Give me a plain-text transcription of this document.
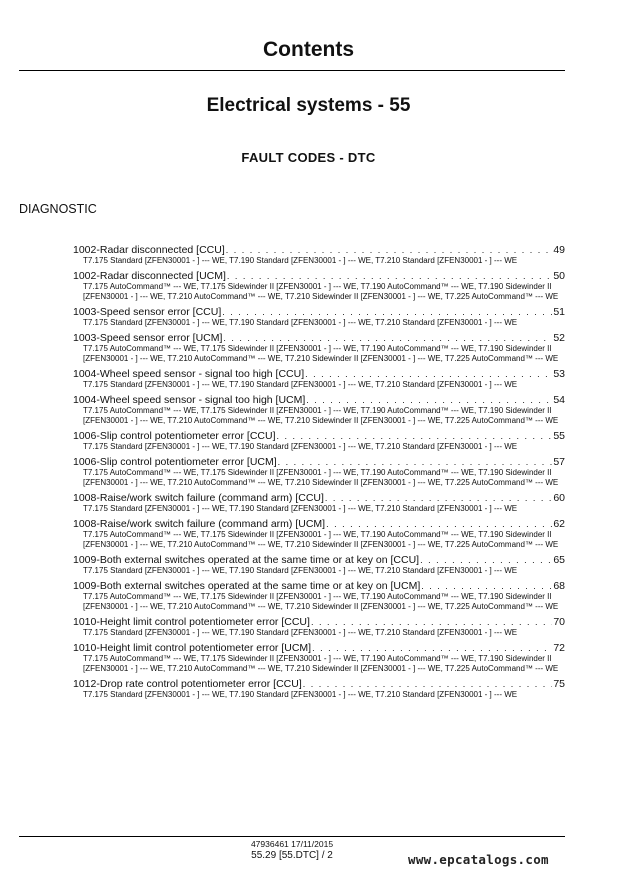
Contents
Electrical systems - 55
FAULT CODES - DTC
DIAGNOSTIC
1002-Radar disconnected [CCU] . . .	49
T7.175 Standard [ZFEN30001 - ] --- WE, T7.190 Standard [ZFEN30001 - ] --- WE, T7.210 Standard [ZFEN30001 - ] --- WE
1002-Radar disconnected [UCM] . . .	50
T7.175 AutoCommand™ --- WE, T7.175 Sidewinder II [ZFEN30001 - ] --- WE, T7.190 AutoCommand™ --- WE, T7.190 Sidewinder II [ZFEN30001 - ] --- WE, T7.210 AutoCommand™ --- WE, T7.210 Sidewinder II [ZFEN30001 - ] --- WE, T7.225 AutoCommand™ --- WE
1003-Speed sensor error [CCU] . . .	51
T7.175 Standard [ZFEN30001 - ] --- WE, T7.190 Standard [ZFEN30001 - ] --- WE, T7.210 Standard [ZFEN30001 - ] --- WE
1003-Speed sensor error [UCM] . . .	52
T7.175 AutoCommand™ --- WE, T7.175 Sidewinder II [ZFEN30001 - ] --- WE, T7.190 AutoCommand™ --- WE, T7.190 Sidewinder II [ZFEN30001 - ] --- WE, T7.210 AutoCommand™ --- WE, T7.210 Sidewinder II [ZFEN30001 - ] --- WE, T7.225 AutoCommand™ --- WE
1004-Wheel speed sensor - signal too high [CCU] . . .	53
T7.175 Standard [ZFEN30001 - ] --- WE, T7.190 Standard [ZFEN30001 - ] --- WE, T7.210 Standard [ZFEN30001 - ] --- WE
1004-Wheel speed sensor - signal too high [UCM] . . .	54
T7.175 AutoCommand™ --- WE, T7.175 Sidewinder II [ZFEN30001 - ] --- WE, T7.190 AutoCommand™ --- WE, T7.190 Sidewinder II [ZFEN30001 - ] --- WE, T7.210 AutoCommand™ --- WE, T7.210 Sidewinder II [ZFEN30001 - ] --- WE, T7.225 AutoCommand™ --- WE
1006-Slip control potentiometer error [CCU] . . .	55
T7.175 Standard [ZFEN30001 - ] --- WE, T7.190 Standard [ZFEN30001 - ] --- WE, T7.210 Standard [ZFEN30001 - ] --- WE
1006-Slip control potentiometer error [UCM] . . .	57
T7.175 AutoCommand™ --- WE, T7.175 Sidewinder II [ZFEN30001 - ] --- WE, T7.190 AutoCommand™ --- WE, T7.190 Sidewinder II [ZFEN30001 - ] --- WE, T7.210 AutoCommand™ --- WE, T7.210 Sidewinder II [ZFEN30001 - ] --- WE, T7.225 AutoCommand™ --- WE
1008-Raise/work switch failure (command arm) [CCU] . . .	60
T7.175 Standard [ZFEN30001 - ] --- WE, T7.190 Standard [ZFEN30001 - ] --- WE, T7.210 Standard [ZFEN30001 - ] --- WE
1008-Raise/work switch failure (command arm) [UCM] . . .	62
T7.175 AutoCommand™ --- WE, T7.175 Sidewinder II [ZFEN30001 - ] --- WE, T7.190 AutoCommand™ --- WE, T7.190 Sidewinder II [ZFEN30001 - ] --- WE, T7.210 AutoCommand™ --- WE, T7.210 Sidewinder II [ZFEN30001 - ] --- WE, T7.225 AutoCommand™ --- WE
1009-Both external switches operated at the same time or at key on [CCU] . . .	65
T7.175 Standard [ZFEN30001 - ] --- WE, T7.190 Standard [ZFEN30001 - ] --- WE, T7.210 Standard [ZFEN30001 - ] --- WE
1009-Both external switches operated at the same time or at key on [UCM] . . .	68
T7.175 AutoCommand™ --- WE, T7.175 Sidewinder II [ZFEN30001 - ] --- WE, T7.190 AutoCommand™ --- WE, T7.190 Sidewinder II [ZFEN30001 - ] --- WE, T7.210 AutoCommand™ --- WE, T7.210 Sidewinder II [ZFEN30001 - ] --- WE, T7.225 AutoCommand™ --- WE
1010-Height limit control potentiometer error [CCU] . . .	70
T7.175 Standard [ZFEN30001 - ] --- WE, T7.190 Standard [ZFEN30001 - ] --- WE, T7.210 Standard [ZFEN30001 - ] --- WE
1010-Height limit control potentiometer error [UCM] . . .	72
T7.175 AutoCommand™ --- WE, T7.175 Sidewinder II [ZFEN30001 - ] --- WE, T7.190 AutoCommand™ --- WE, T7.190 Sidewinder II [ZFEN30001 - ] --- WE, T7.210 AutoCommand™ --- WE, T7.210 Sidewinder II [ZFEN30001 - ] --- WE, T7.225 AutoCommand™ --- WE
1012-Drop rate control potentiometer error [CCU] . . .	75
T7.175 Standard [ZFEN30001 - ] --- WE, T7.190 Standard [ZFEN30001 - ] --- WE, T7.210 Standard [ZFEN30001 - ] --- WE
47936461 17/11/2015
55.29 [55.DTC] / 2	www.epcatalogs.com
